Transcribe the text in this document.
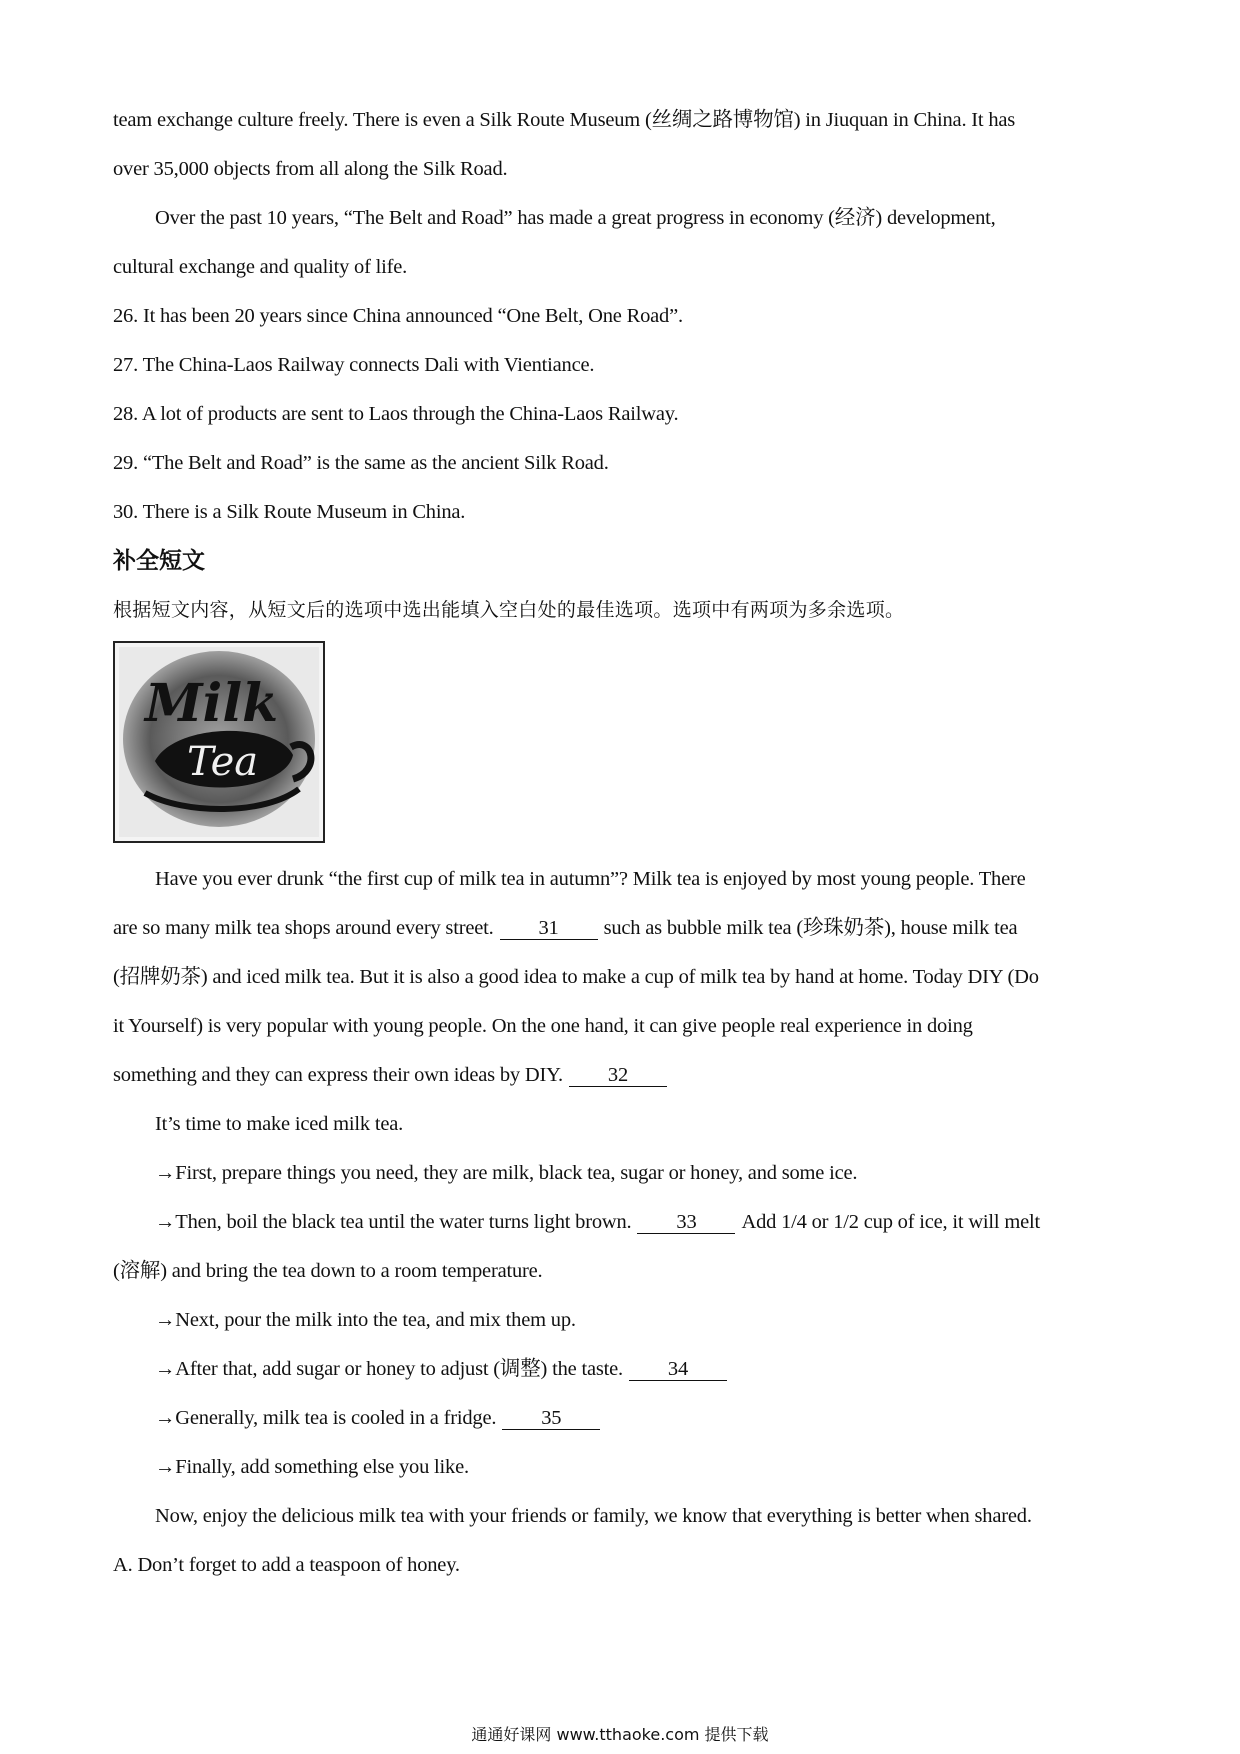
team exchange culture freely. There is even a Silk Route Museum (丝绸之路博物馆) in Jiuquan in China. It has
over 35,000 objects from all along the Silk Road.
Over the past 10 years, “The Belt and Road” has made a great progress in economy (经济) development,
cultural exchange and quality of life.
26. It has been 20 years since China announced “One Belt, One Road”.
27. The China-Laos Railway connects Dali with Vientiance.
28. A lot of products are sent to Laos through the China-Laos Railway.
29. “The Belt and Road” is the same as the ancient Silk Road.
30. There is a Silk Route Museum in China.
补全短文
根据短文内容，从短文后的选项中选出能填入空白处的最佳选项。选项中有两项为多余选项。
Milk
Tea
Have you ever drunk “the first cup of milk tea in autumn”? Milk tea is enjoyed by most young people. There
are so many milk tea shops around every street. 31 such as bubble milk tea (珍珠奶茶), house milk tea
(招牌奶茶) and iced milk tea. But it is also a good idea to make a cup of milk tea by hand at home. Today DIY (Do
it Yourself) is very popular with young people. On the one hand, it can give people real experience in doing
something and they can express their own ideas by DIY. 32
It’s time to make iced milk tea.
→First, prepare things you need, they are milk, black tea, sugar or honey, and some ice.
→Then, boil the black tea until the water turns light brown. 33 Add 1/4 or 1/2 cup of ice, it will melt
(溶解) and bring the tea down to a room temperature.
→Next, pour the milk into the tea, and mix them up.
→After that, add sugar or honey to adjust (调整) the taste. 34
→Generally, milk tea is cooled in a fridge. 35
→Finally, add something else you like.
Now, enjoy the delicious milk tea with your friends or family, we know that everything is better when shared.
A. Don’t forget to add a teaspoon of honey.
通通好课网 www.tthaoke.com 提供下载
